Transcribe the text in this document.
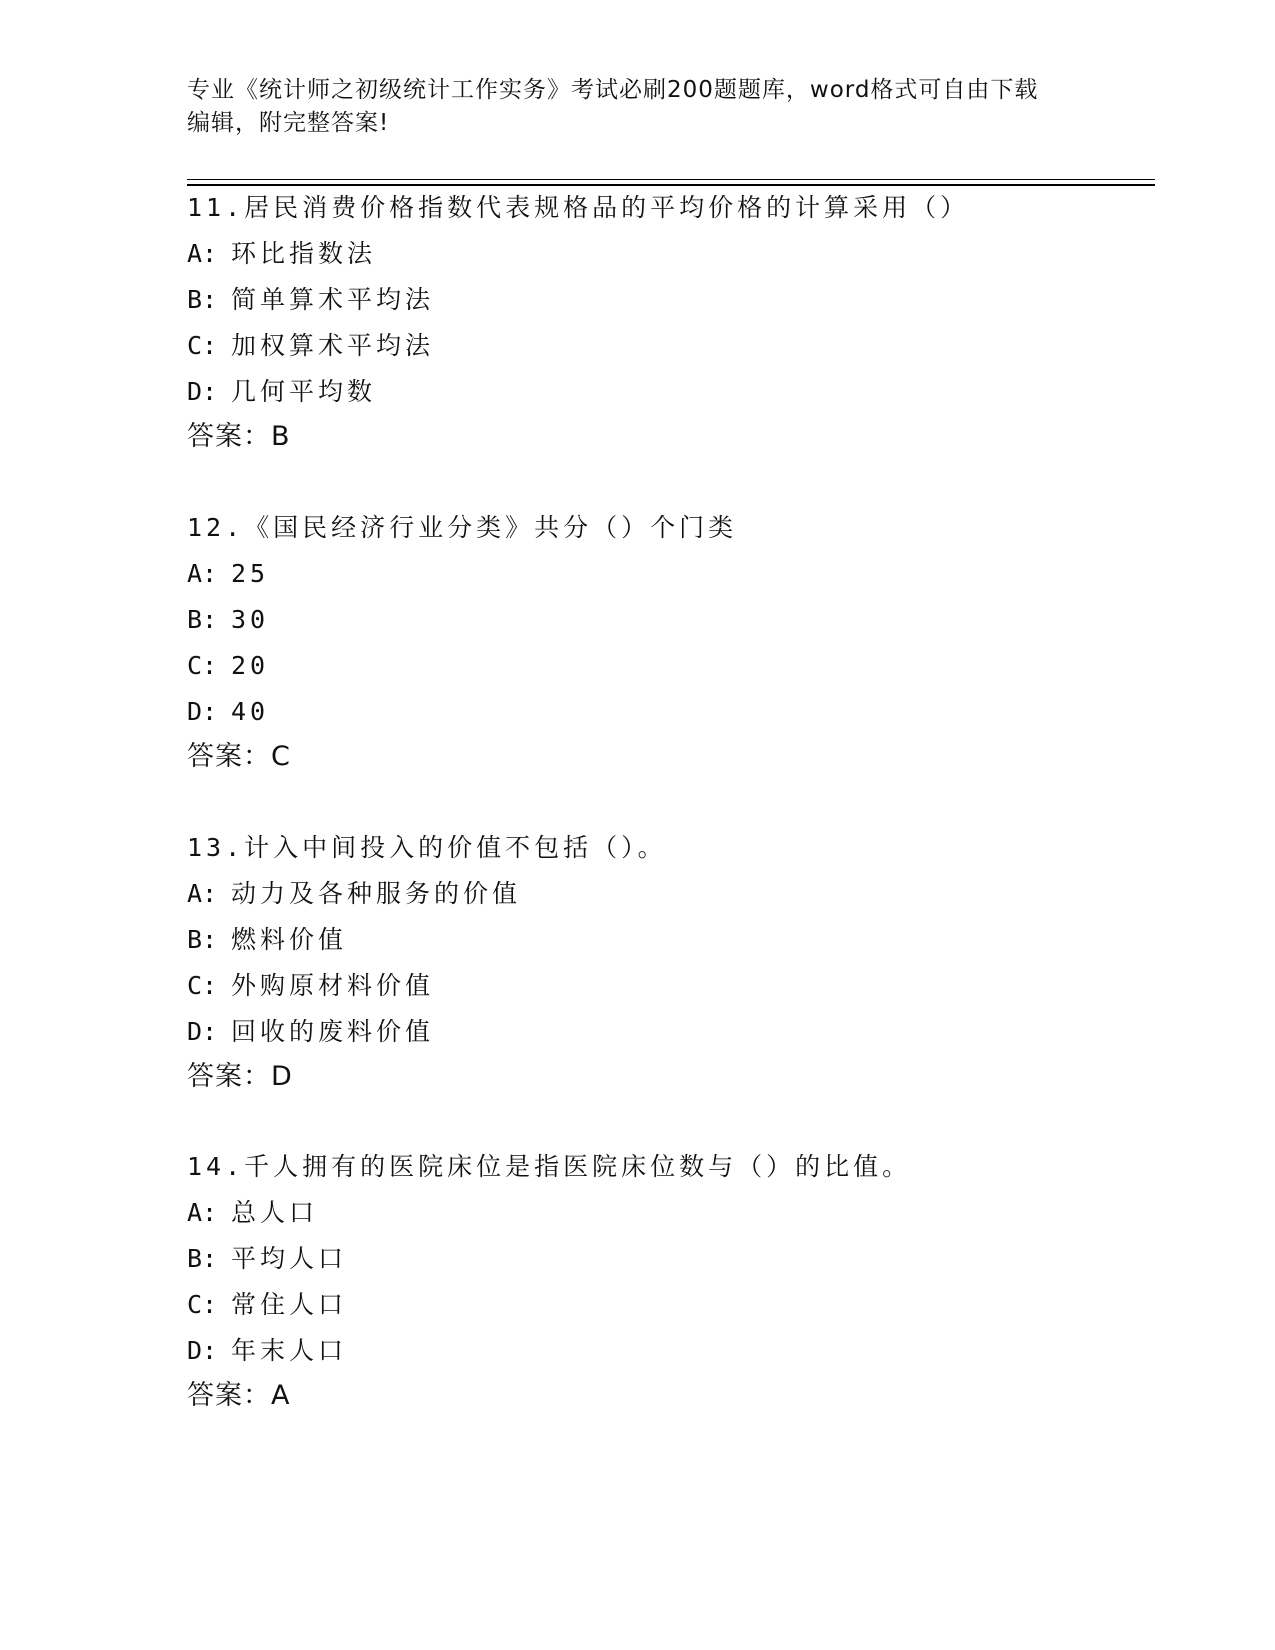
专业《统计师之初级统计工作实务》考试必刷200题题库，word格式可自由下载
编辑，附完整答案!
11.居民消费价格指数代表规格品的平均价格的计算采用（）
A: 环比指数法
B: 简单算术平均法
C: 加权算术平均法
D: 几何平均数
答案：B
12.《国民经济行业分类》共分（）个门类
A: 25
B: 30
C: 20
D: 40
答案：C
13.计入中间投入的价值不包括（）。
A: 动力及各种服务的价值
B: 燃料价值
C: 外购原材料价值
D: 回收的废料价值
答案：D
14.千人拥有的医院床位是指医院床位数与（）的比值。
A: 总人口
B: 平均人口
C: 常住人口
D: 年末人口
答案：A
